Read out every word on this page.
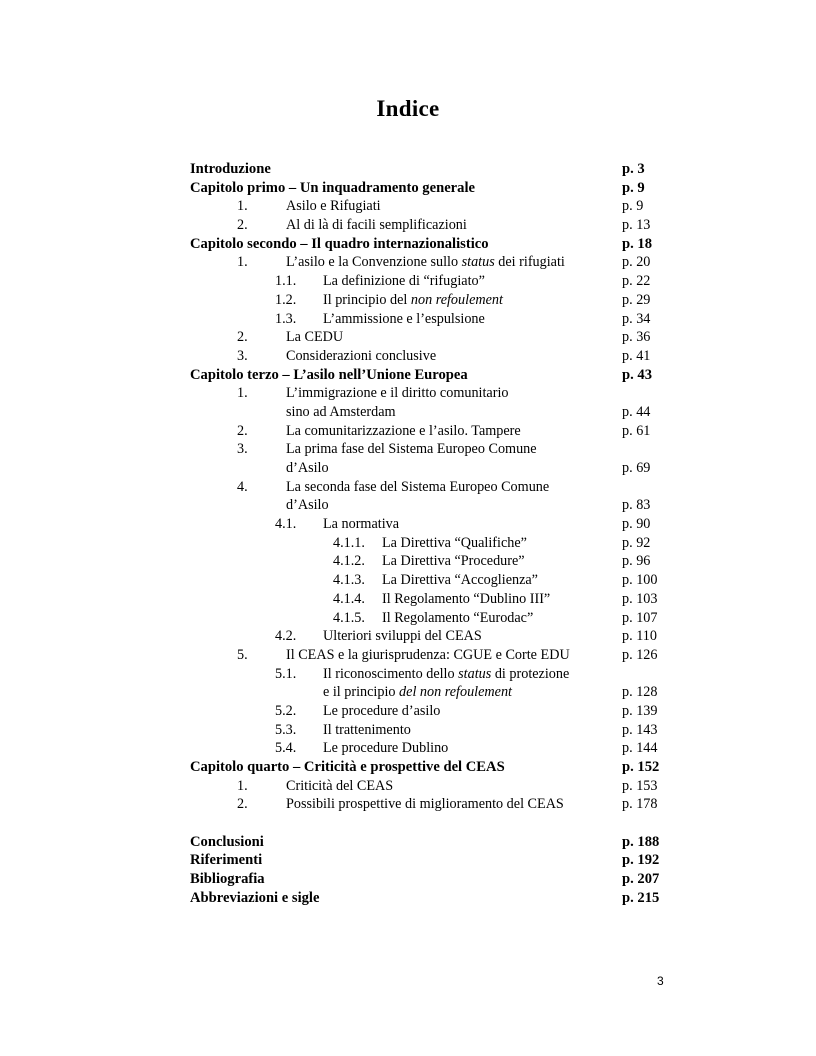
Indice
Introduzione	p. 3
Capitolo primo – Un inquadramento generale	p. 9
1.	Asilo e Rifugiati	p. 9
2.	Al di là di facili semplificazioni	p. 13
Capitolo secondo – Il quadro internazionalistico	p. 18
1.	L’asilo e la Convenzione sullo status dei rifugiati	p. 20
1.1. La definizione di “rifugiato”	p. 22
1.2. Il principio del non refoulement	p. 29
1.3. L’ammissione e l’espulsione	p. 34
2.	La CEDU	p. 36
3.	Considerazioni conclusive	p. 41
Capitolo terzo – L’asilo nell’Unione Europea	p. 43
1.	L’immigrazione e il diritto comunitario
sino ad Amsterdam	p. 44
2.	La comunitarizzazione e l’asilo. Tampere	p. 61
3.	La prima fase del Sistema Europeo Comune
d’Asilo	p. 69
4.	La seconda fase del Sistema Europeo Comune
d’Asilo	p. 83
4.1. La normativa	p. 90
4.1.1. La Direttiva “Qualifiche”	p. 92
4.1.2. La Direttiva “Procedure”	p. 96
4.1.3. La Direttiva “Accoglienza”	p. 100
4.1.4. Il Regolamento “Dublino III”	p. 103
4.1.5. Il Regolamento “Eurodac”	p. 107
4.2. Ulteriori sviluppi del CEAS	p. 110
5.	Il CEAS e la giurisprudenza: CGUE e Corte EDU	p. 126
5.1. Il riconoscimento dello status di protezione
e il principio del non refoulement	p. 128
5.2. Le procedure d’asilo	p. 139
5.3. Il trattenimento	p. 143
5.4. Le procedure Dublino	p. 144
Capitolo quarto – Criticità e prospettive del CEAS	p. 152
1.	Criticità del CEAS	p. 153
2.	Possibili prospettive di miglioramento del CEAS	p. 178
Conclusioni	p. 188
Riferimenti	p. 192
Bibliografia	p. 207
Abbreviazioni e sigle	p. 215
3
